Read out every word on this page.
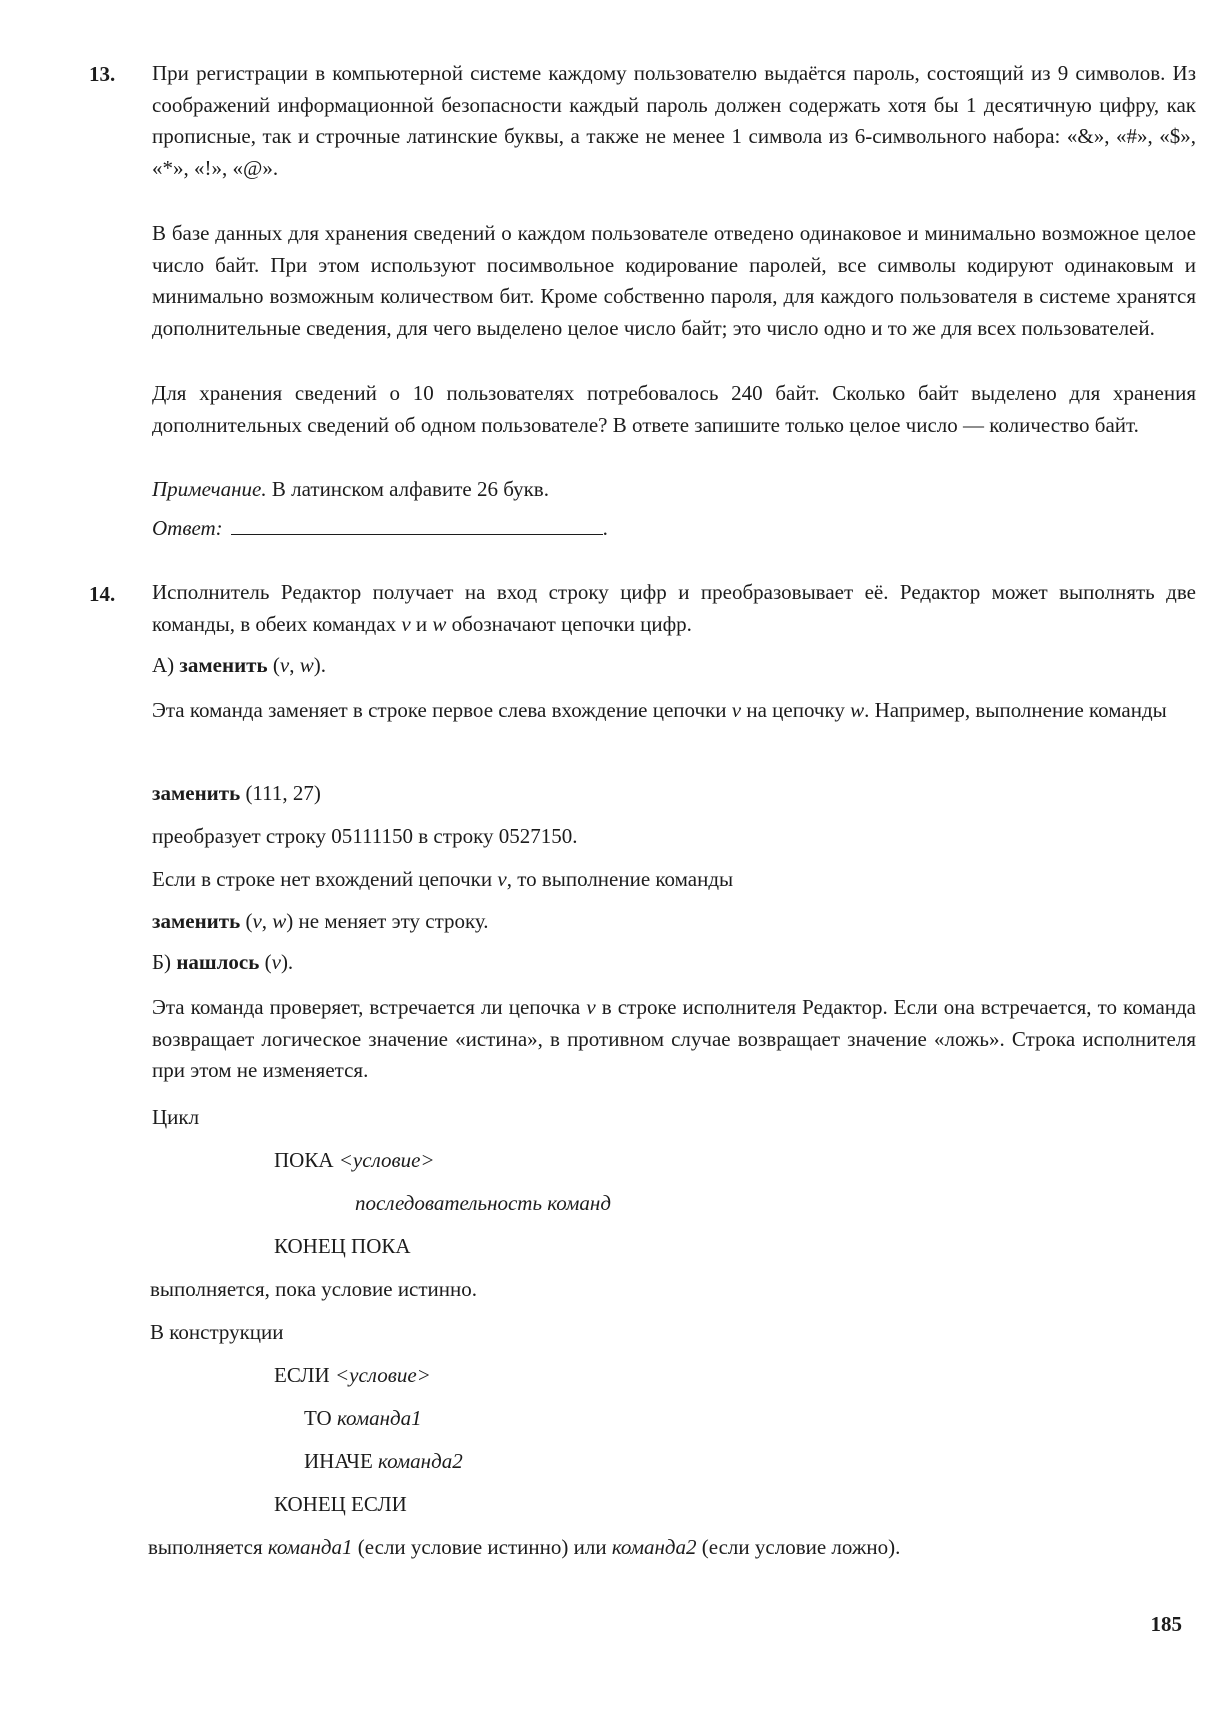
13. При регистрации в компьютерной системе каждому пользователю выдаётся пароль, состоящий из 9 символов. Из соображений информационной безопасности каждый пароль должен содержать хотя бы 1 десятичную цифру, как прописные, так и строчные латинские буквы, а также не менее 1 символа из 6-символьного набора: «&», «#», «$», «*», «!», «@».
В базе данных для хранения сведений о каждом пользователе отведено одинаковое и минимально возможное целое число байт. При этом используют посимвольное кодирование паролей, все символы кодируют одинаковым и минимально возможным количеством бит. Кроме собственно пароля, для каждого пользователя в системе хранятся дополнительные сведения, для чего выделено целое число байт; это число одно и то же для всех пользователей.
Для хранения сведений о 10 пользователях потребовалось 240 байт. Сколько байт выделено для хранения дополнительных сведений об одном пользователе? В ответе запишите только целое число — количество байт.
Примечание. В латинском алфавите 26 букв.
Ответ:	.
14. Исполнитель Редактор получает на вход строку цифр и преобразовывает её. Редактор может выполнять две команды, в обеих командах v и w обозначают цепочки цифр.
А) заменить (v, w).
Эта команда заменяет в строке первое слева вхождение цепочки v на цепочку w. Например, выполнение команды
заменить (111, 27)
преобразует строку 05111150 в строку 0527150.
Если в строке нет вхождений цепочки v, то выполнение команды
заменить (v, w) не меняет эту строку.
Б) нашлось (v).
Эта команда проверяет, встречается ли цепочка v в строке исполнителя Редактор. Если она встречается, то команда возвращает логическое значение «истина», в противном случае возвращает значение «ложь». Строка исполнителя при этом не изменяется.
Цикл
ПОКА <условие>
последовательность команд
КОНЕЦ ПОКА
выполняется, пока условие истинно.
В конструкции
ЕСЛИ <условие>
ТО команда1
ИНАЧЕ команда2
КОНЕЦ ЕСЛИ
выполняется команда1 (если условие истинно) или команда2 (если условие ложно).
185
